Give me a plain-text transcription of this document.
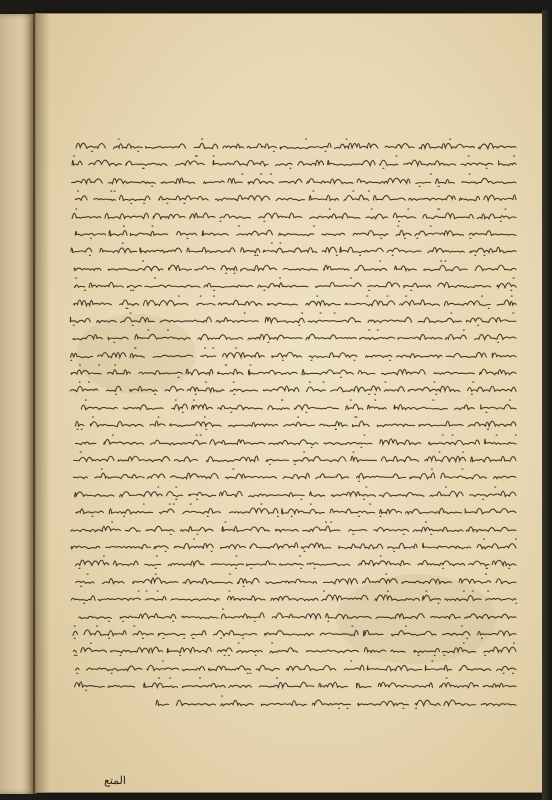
المتع
